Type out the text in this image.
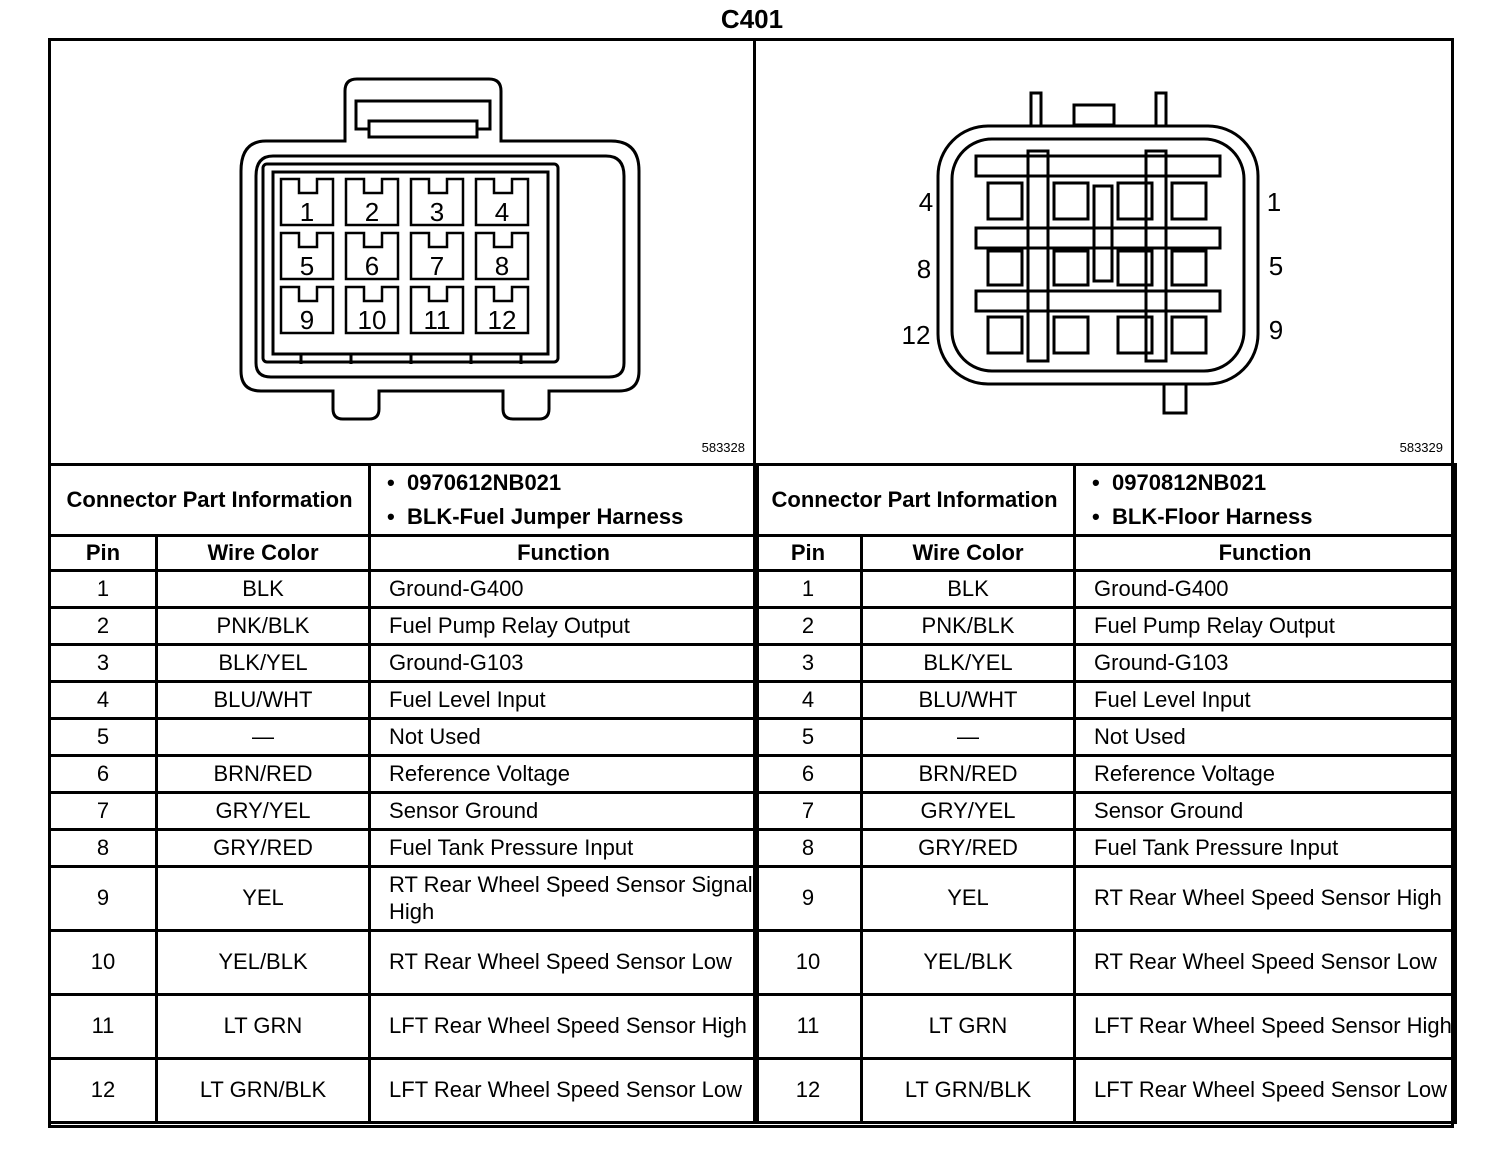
C401
1 2 3 4
5 6 7 8
9 10 11 12
583328
4
8
12
1
5
9
583329
Connector Part Information		• 0970612NB021
• BLK-Fuel Jumper Harness

Pin	Wire Color	Function
1	BLK	Ground-G400
2	PNK/BLK	Fuel Pump Relay Output
3	BLK/YEL	Ground-G103
4	BLU/WHT	Fuel Level Input
5	—	Not Used
6	BRN/RED	Reference Voltage
7	GRY/YEL	Sensor Ground
8	GRY/RED	Fuel Tank Pressure Input
9	YEL	RT Rear Wheel Speed Sensor Signal High
10	YEL/BLK	RT Rear Wheel Speed Sensor Low
11	LT GRN	LFT Rear Wheel Speed Sensor High
12	LT GRN/BLK	LFT Rear Wheel Speed Sensor Low
Connector Part Information		• 0970812NB021
• BLK-Floor Harness

Pin	Wire Color	Function
1	BLK	Ground-G400
2	PNK/BLK	Fuel Pump Relay Output
3	BLK/YEL	Ground-G103
4	BLU/WHT	Fuel Level Input
5	—	Not Used
6	BRN/RED	Reference Voltage
7	GRY/YEL	Sensor Ground
8	GRY/RED	Fuel Tank Pressure Input
9	YEL	RT Rear Wheel Speed Sensor High
10	YEL/BLK	RT Rear Wheel Speed Sensor Low
11	LT GRN	LFT Rear Wheel Speed Sensor High
12	LT GRN/BLK	LFT Rear Wheel Speed Sensor Low
